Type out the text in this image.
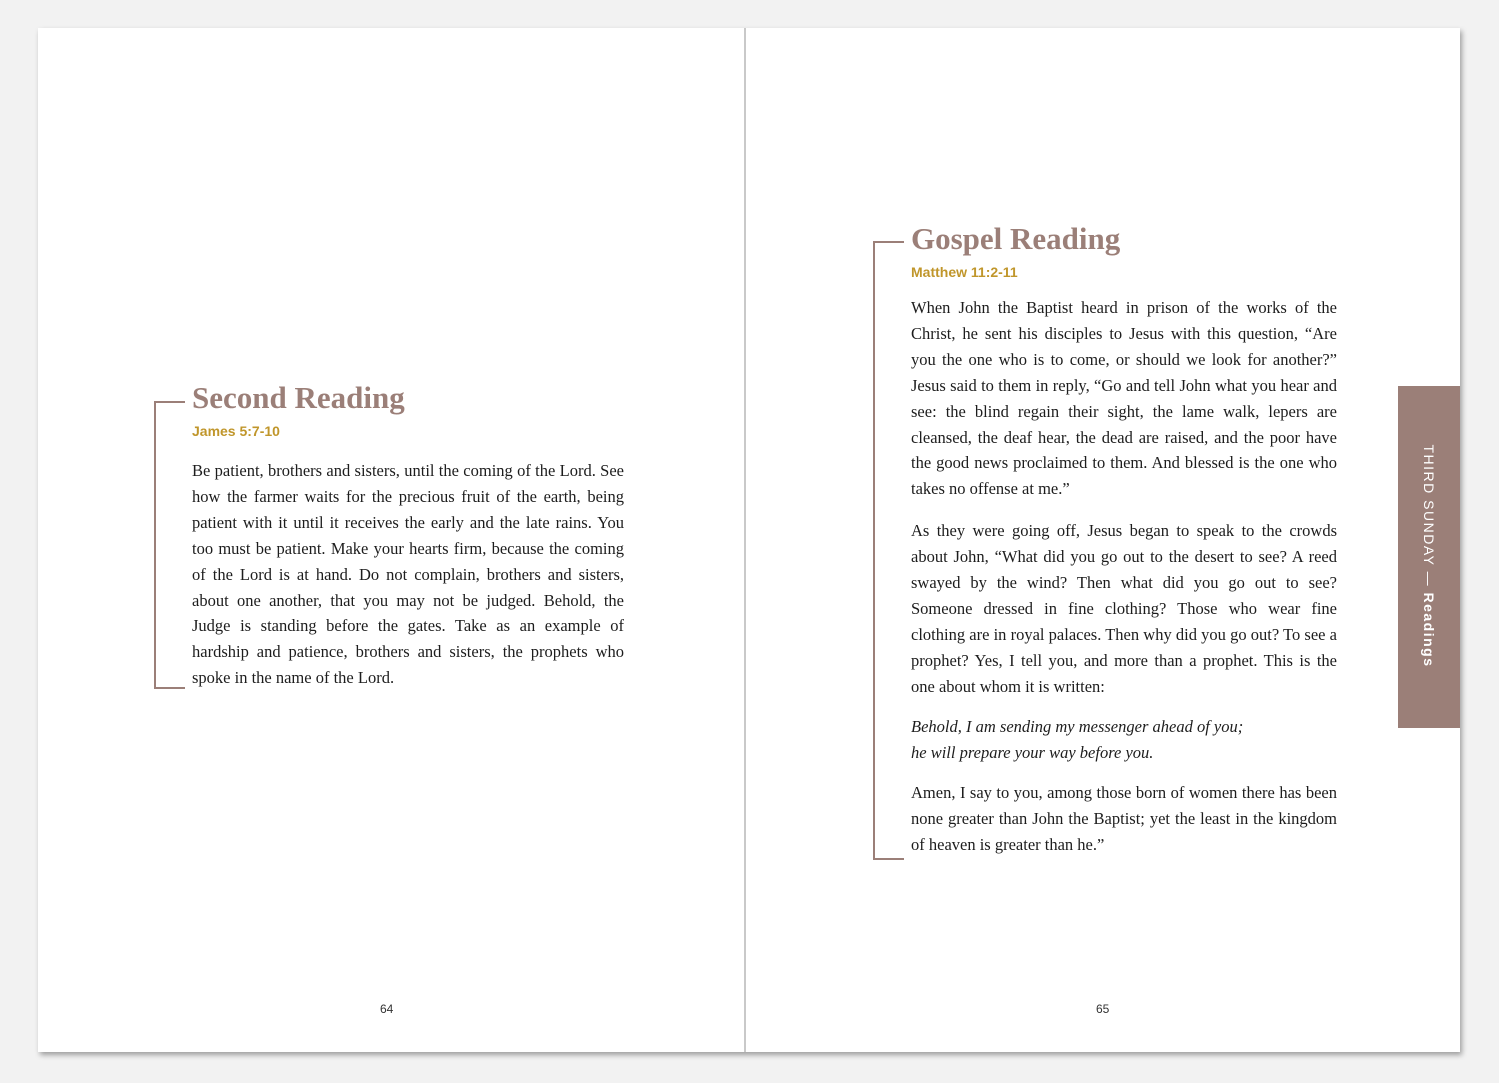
Second Reading
James 5:7-10

Be patient, brothers and sisters, until the coming of the Lord. See how the farmer waits for the precious fruit of the earth, being patient with it until it receives the early and the late rains. You too must be patient. Make your hearts firm, because the coming of the Lord is at hand. Do not complain, brothers and sisters, about one another, that you may not be judged. Behold, the Judge is standing before the gates. Take as an example of hardship and patience, brothers and sisters, the prophets who spoke in the name of the Lord.

64
Gospel Reading
Matthew 11:2-11

When John the Baptist heard in prison of the works of the Christ, he sent his disciples to Jesus with this question, “Are you the one who is to come, or should we look for another?” Jesus said to them in reply, “Go and tell John what you hear and see: the blind regain their sight, the lame walk, lepers are cleansed, the deaf hear, the dead are raised, and the poor have the good news proclaimed to them. And blessed is the one who takes no offense at me.”

As they were going off, Jesus began to speak to the crowds about John, “What did you go out to the desert to see? A reed swayed by the wind? Then what did you go out to see? Someone dressed in fine clothing? Those who wear fine clothing are in royal palaces. Then why did you go out? To see a prophet? Yes, I tell you, and more than a prophet. This is the one about whom it is written:

Behold, I am sending my messenger ahead of you;

he will prepare your way before you.

Amen, I say to you, among those born of women there has been none greater than John the Baptist; yet the least in the kingdom of heaven is greater than he.”

65
THIRD SUNDAY — Readings
